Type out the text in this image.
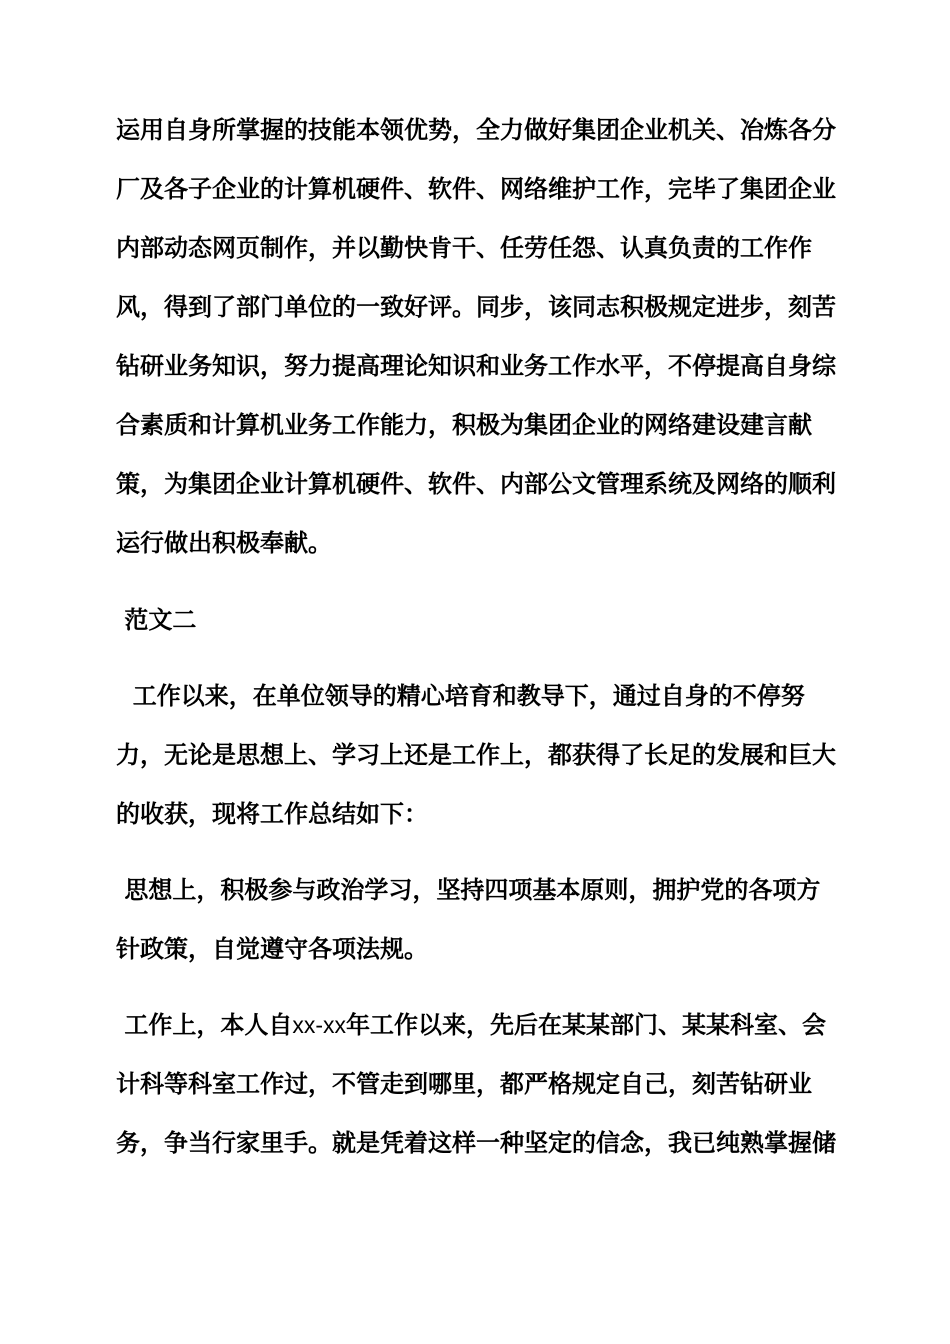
运用自身所掌握的技能本领优势，全力做好集团企业机关、冶炼各分
厂及各子企业的计算机硬件、软件、网络维护工作，完毕了集团企业
内部动态网页制作，并以勤快肯干、任劳任怨、认真负责的工作作
风，得到了部门单位的一致好评。同步，该同志积极规定进步，刻苦
钻研业务知识，努力提高理论知识和业务工作水平，不停提高自身综
合素质和计算机业务工作能力，积极为集团企业的网络建设建言献
策，为集团企业计算机硬件、软件、内部公文管理系统及网络的顺利
运行做出积极奉献。
范文二
工作以来，在单位领导的精心培育和教导下，通过自身的不停努
力，无论是思想上、学习上还是工作上，都获得了长足的发展和巨大
的收获，现将工作总结如下：
思想上，积极参与政治学习，坚持四项基本原则，拥护党的各项方
针政策，自觉遵守各项法规。
工作上，本人自xx-xx年工作以来，先后在某某部门、某某科室、会
计科等科室工作过，不管走到哪里，都严格规定自己，刻苦钻研业
务，争当行家里手。就是凭着这样一种坚定的信念，我已纯熟掌握储
